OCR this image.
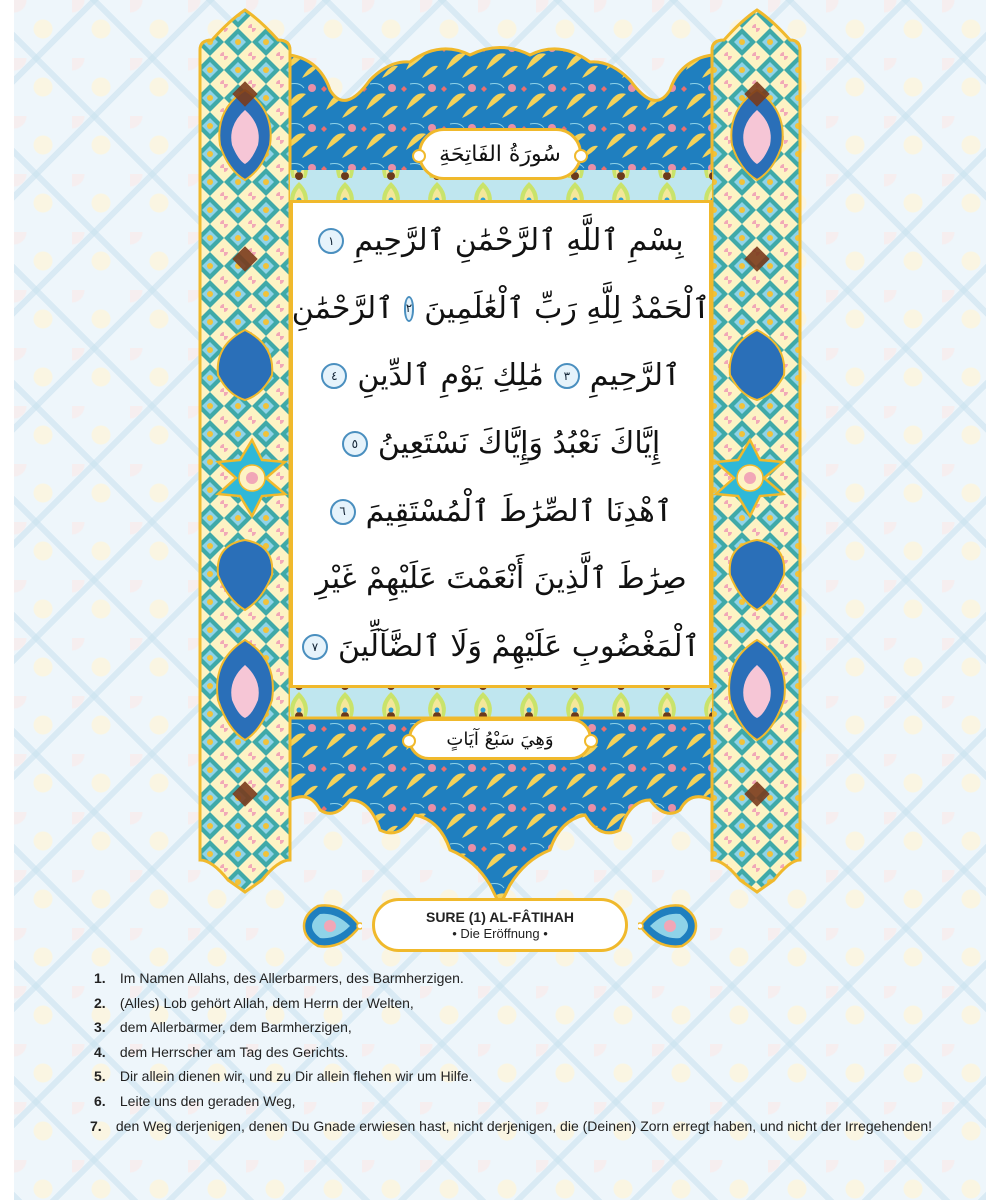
سُورَةُ الفَاتِحَةِ
بِسْمِ ٱللَّهِ ٱلرَّحْمَٰنِ ٱلرَّحِيمِ
١
ٱلْحَمْدُ لِلَّهِ رَبِّ ٱلْعَٰلَمِينَ
٢
ٱلرَّحْمَٰنِ
ٱلرَّحِيمِ
٣
مَٰلِكِ يَوْمِ ٱلدِّينِ
٤
إِيَّاكَ نَعْبُدُ وَإِيَّاكَ نَسْتَعِينُ
٥
ٱهْدِنَا ٱلصِّرَٰطَ ٱلْمُسْتَقِيمَ
٦
صِرَٰطَ ٱلَّذِينَ أَنْعَمْتَ عَلَيْهِمْ غَيْرِ
ٱلْمَغْضُوبِ عَلَيْهِمْ وَلَا ٱلضَّآلِّينَ
٧
وَهِيَ سَبْعُ آيَاتٍ
SURE (1) AL-FÂTIHAH
• Die Eröffnung •
1. Im Namen Allahs, des Allerbarmers, des Barmherzigen.
2. (Alles) Lob gehört Allah, dem Herrn der Welten,
3. dem Allerbarmer, dem Barmherzigen,
4. dem Herrscher am Tag des Gerichts.
5. Dir allein dienen wir, und zu Dir allein flehen wir um Hilfe.
6. Leite uns den geraden Weg,
7. den Weg derjenigen, denen Du Gnade erwiesen hast, nicht derjenigen, die (Deinen) Zorn erregt haben, und nicht der Irregehenden!
